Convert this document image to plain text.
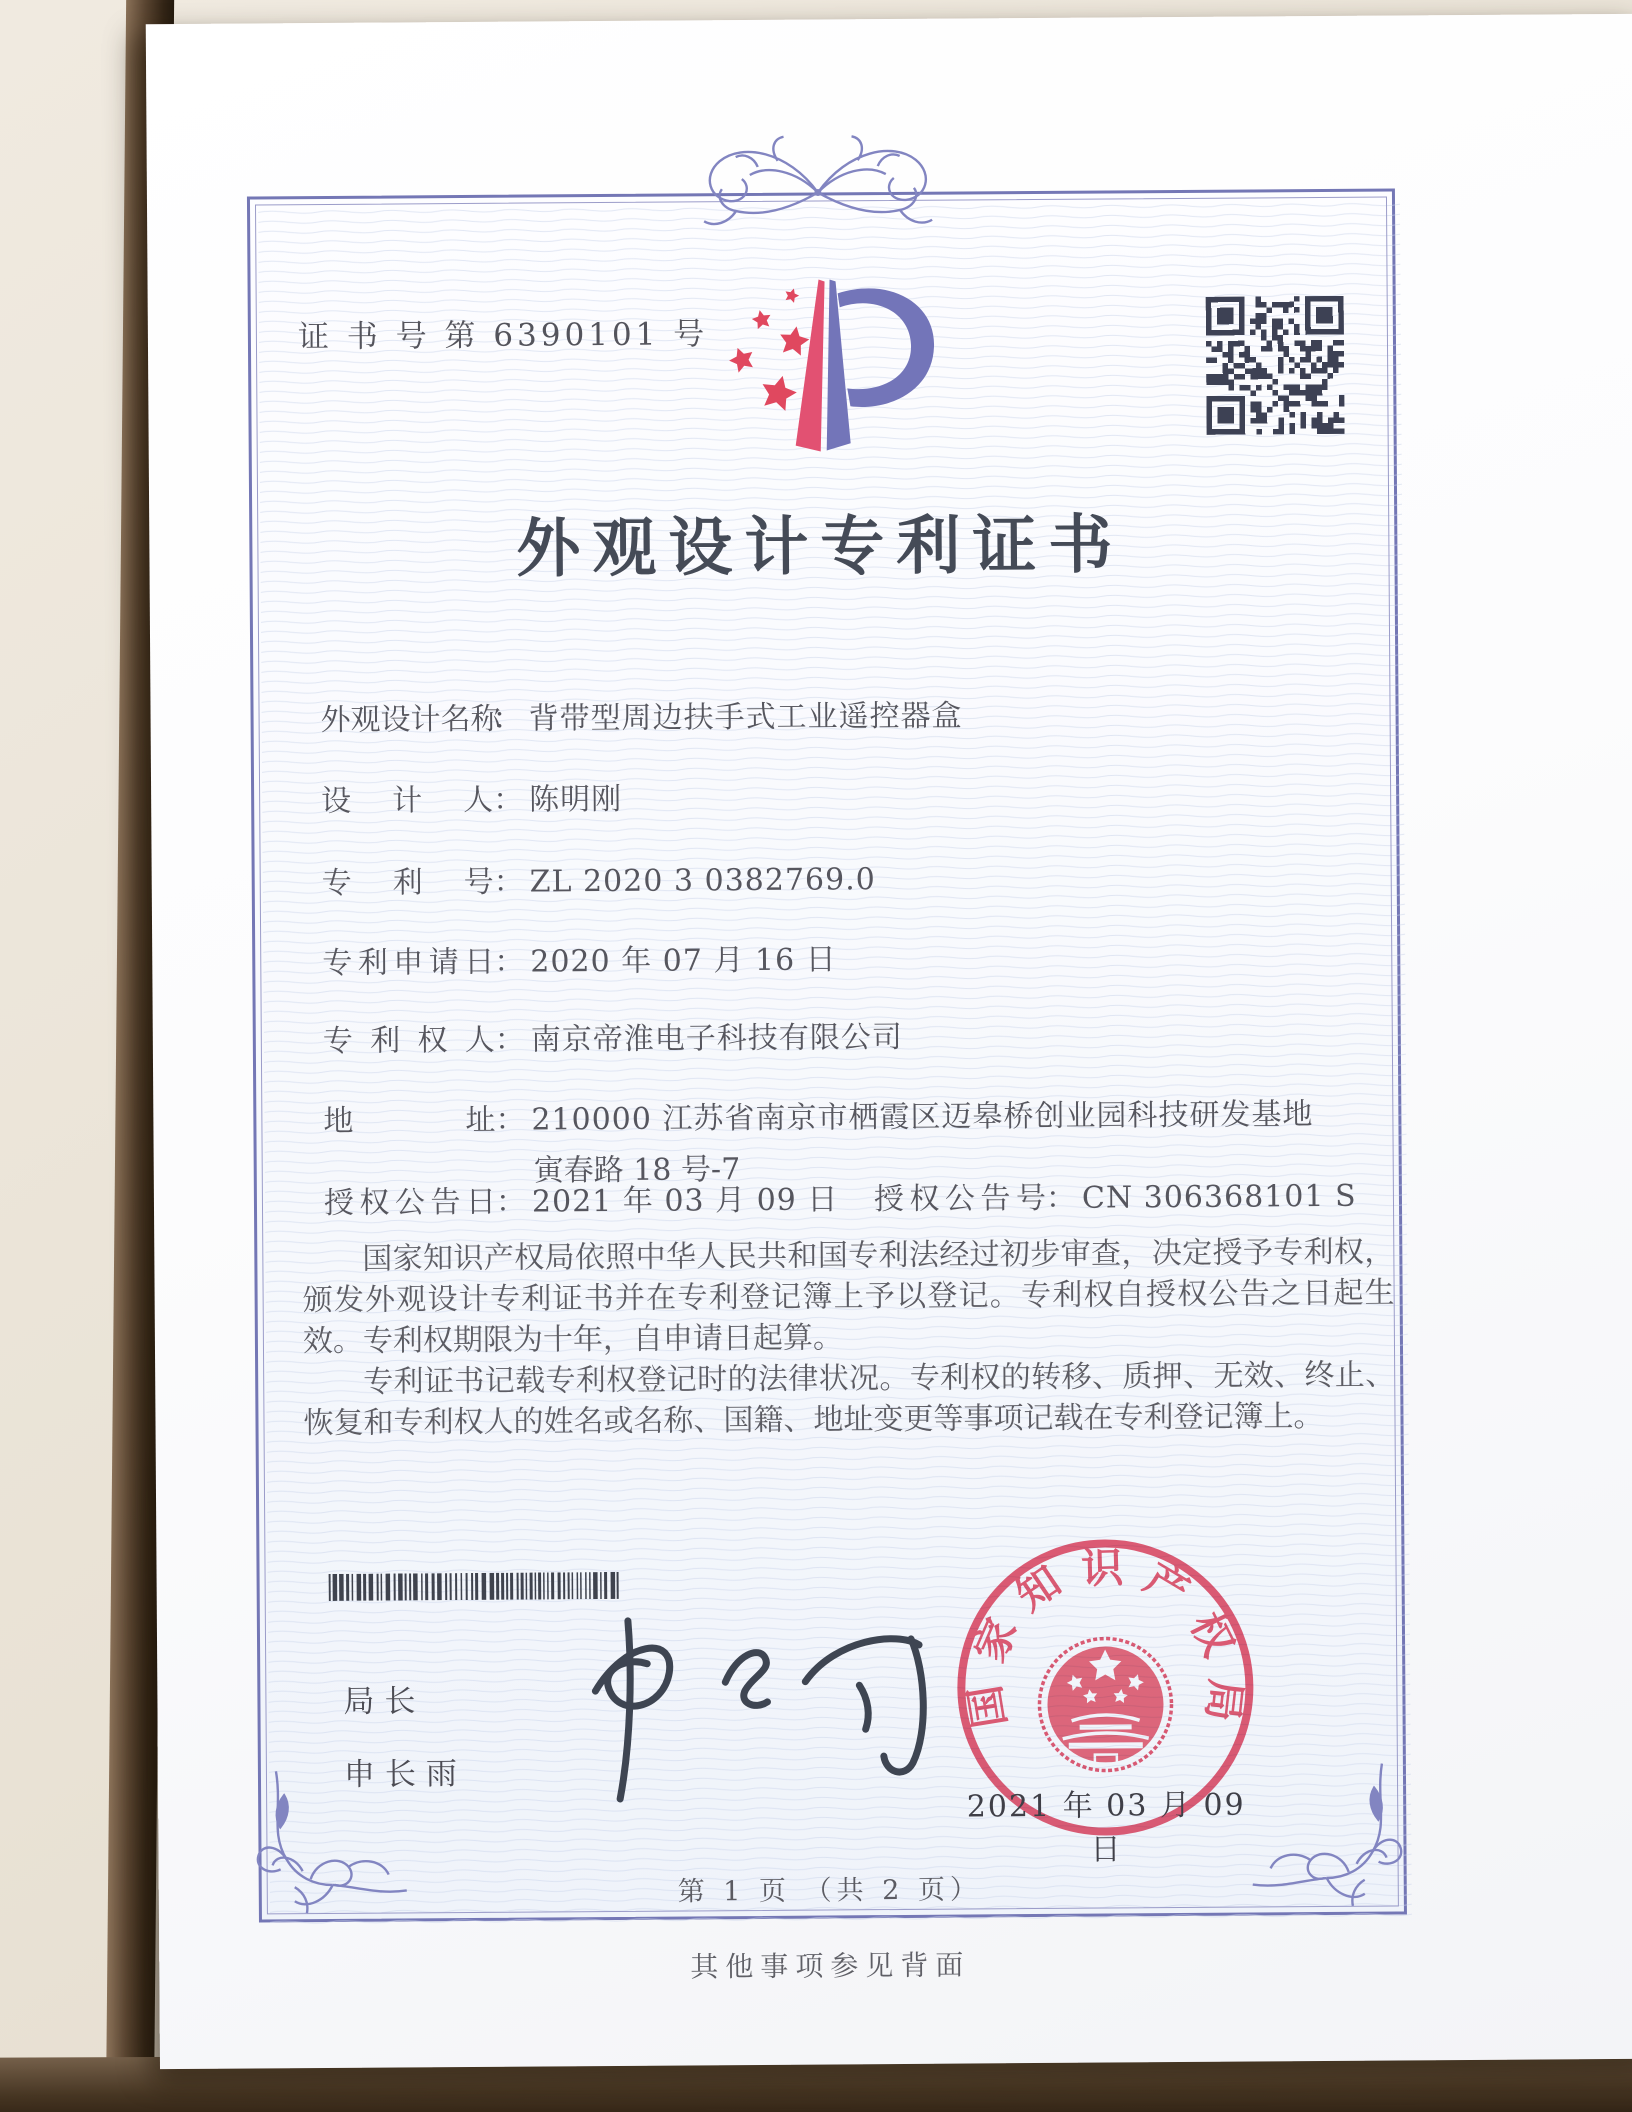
证 书 号 第 6390101 号
外观设计专利证书
外 观 设 计 名 称
： 背带型周边扶手式工业遥控器盒
设 计 人 ： 陈明刚
专 利 号 ： ZL 2020 3 0382769.0
专 利 申 请 日 ： 2020 年 07 月 16 日
专 利 权 人 ： 南京帝淮电子科技有限公司
地	址 ： 210000 江苏省南京市栖霞区迈皋桥创业园科技研发基地
寅春路 18 号-7
授 权 公 告 日 ： 2021 年 03 月 09 日 授 权 公 告 号 ： CN 306368101 S

国家知识产权局依照中华人民共和国专利法经过初步审查，决定授予专利权，颁发外观设计专利证书并在专利登记簿上予以登记。专利权自授权公告之日起生效。专利权期限为十年，自申请日起算。

专利证书记载专利权登记时的法律状况。专利权的转移、质押、无效、终止、恢复和专利权人的姓名或名称、国籍、地址变更等事项记载在专利登记簿上。

局长
申长雨
国家知识产权局
2021 年 03 月 09 日
第 1 页 （共 2 页）
其他事项参见背面
